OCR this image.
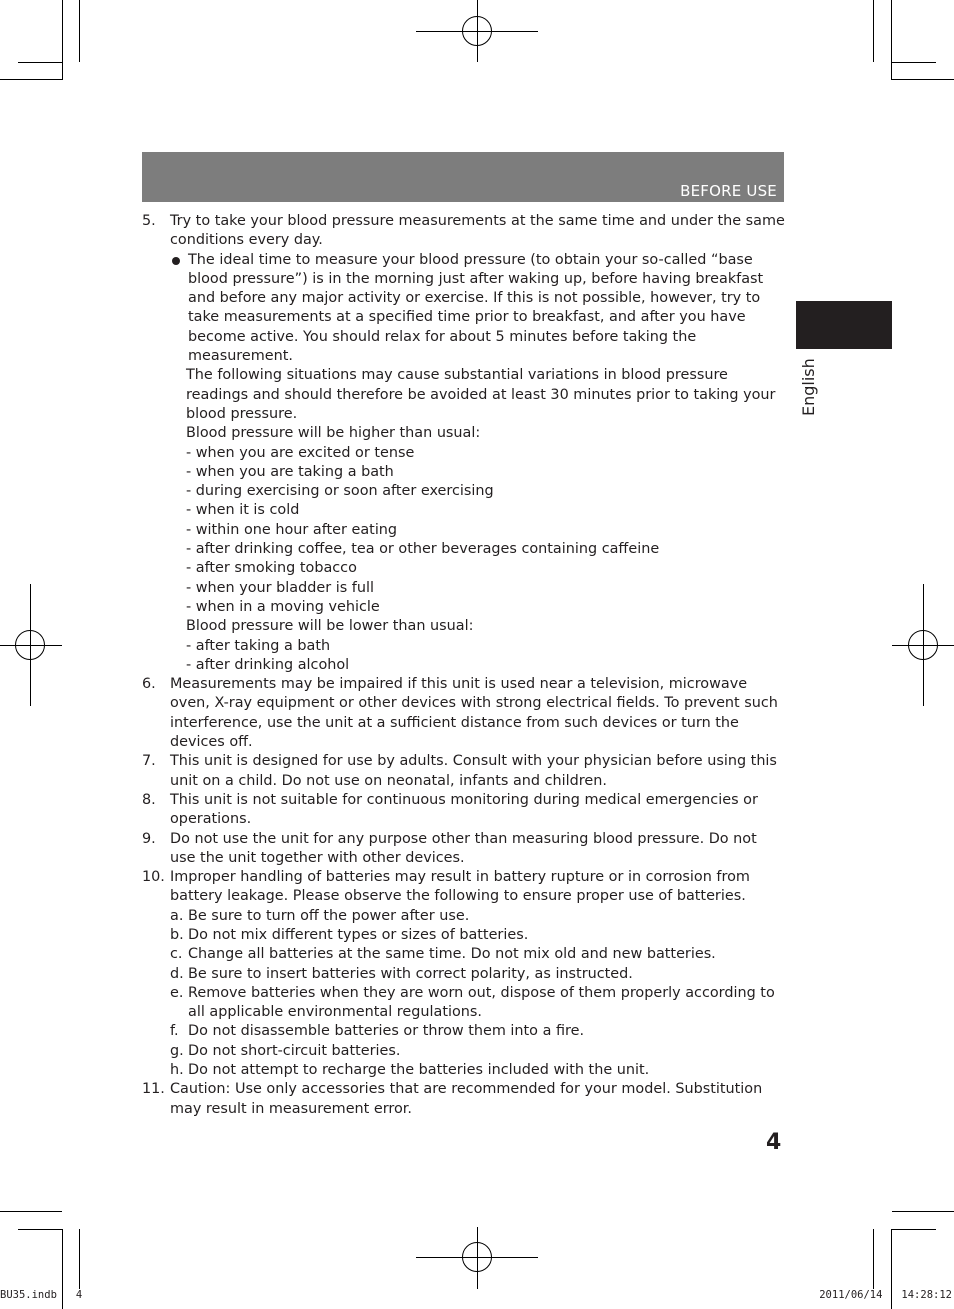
BEFORE USE
English
5. Try to take your blood pressure measurements at the same time and under the same conditions every day.
The ideal time to measure your blood pressure (to obtain your so-called “base blood pressure”) is in the morning just after waking up, before having breakfast and before any major activity or exercise. If this is not possible, however, try to take measurements at a specified time prior to breakfast, and after you have become active. You should relax for about 5 minutes before taking the measurement.
The following situations may cause substantial variations in blood pressure readings and should therefore be avoided at least 30 minutes prior to taking your blood pressure.
Blood pressure will be higher than usual:
- when you are excited or tense
- when you are taking a bath
- during exercising or soon after exercising
- when it is cold
- within one hour after eating
- after drinking coffee, tea or other beverages containing caffeine
- after smoking tobacco
- when your bladder is full
- when in a moving vehicle
Blood pressure will be lower than usual:
- after taking a bath
- after drinking alcohol
6. Measurements may be impaired if this unit is used near a television, microwave oven, X-ray equipment or other devices with strong electrical fields. To prevent such interference, use the unit at a sufficient distance from such devices or turn the devices off.
7. This unit is designed for use by adults. Consult with your physician before using this unit on a child. Do not use on neonatal, infants and children.
8. This unit is not suitable for continuous monitoring during medical emergencies or operations.
9. Do not use the unit for any purpose other than measuring blood pressure. Do not use the unit together with other devices.
10. Improper handling of batteries may result in battery rupture or in corrosion from battery leakage. Please observe the following to ensure proper use of batteries.
a. Be sure to turn off the power after use.
b. Do not mix different types or sizes of batteries.
c. Change all batteries at the same time. Do not mix old and new batteries.
d. Be sure to insert batteries with correct polarity, as instructed.
e. Remove batteries when they are worn out, dispose of them properly according to all applicable environmental regulations.
f. Do not disassemble batteries or throw them into a fire.
g. Do not short-circuit batteries.
h. Do not attempt to recharge the batteries included with the unit.
11. Caution: Use only accessories that are recommended for your model. Substitution may result in measurement error.
4
BU35.indb   4	2011/06/14   14:28:12
